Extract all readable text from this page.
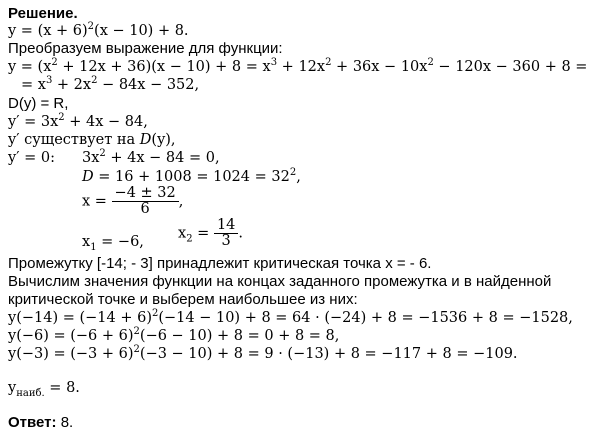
Решение.
$y = (x + 6)^2(x - 10) + 8$.
Преобразуем выражение для функции:
$y = (x^2 + 12x + 36)(x - 10) + 8 = x^3 + 12x^2 + 36x - 10x^2 - 120x - 360 + 8$ =
= $x^3 + 2x^2 - 84x - 352$,
D(y) = R,
$y' = 3x^2 + 4x - 84$,
y′ существует на D(y),
y′ = 0: $3x^2 + 4x - 84 = 0$,
$D = 16 + 1008 = 1024 = 32^2$,
$x = \frac{-4 \pm 32}{6}$ ,
$x_1 = -6$,
$x_2 = \frac{14}{3}$ .
Промежутку [-14; - 3] принадлежит критическая точка х = - 6.
Вычислим значения функции на концах заданного промежутка и в найденной
критической точке и выберем наибольшее из них:
$y(-14) = (-14 + 6)^2(-14 - 10) + 8 = 64 \cdot (-24) + 8 = -1536 + 8 = -1528$,
$y(-6) = (-6 + 6)^2(-6 - 10) + 8 = 0 + 8 = 8$,
$y(-3) = (-3 + 6)^2(-3 - 10) + 8 = 9 \cdot (-13) + 8 = -117 + 8 = -109$.
$y_{наиб.} = 8$.
Ответ: 8.
